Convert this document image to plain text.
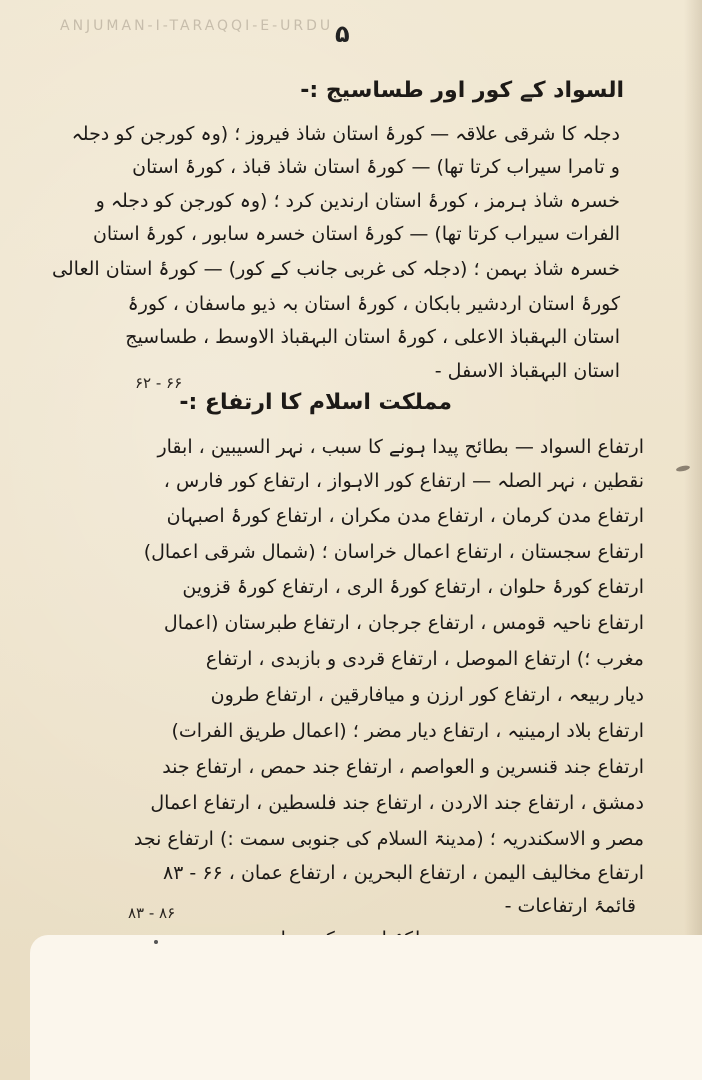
ANJUMAN-I-TARAQQI-E-URDU ۵
السواد کے کور اور طساسیج :-
دجلہ کا شرقی علاقہ — کورۂ استان شاذ فیروز ؛ (وہ کورجن کو دجلہ
و تامرا سیراب کرتا تھا) — کورۂ استان شاذ قباذ ، کورۂ استان
خسرہ شاذ ہرمز ، کورۂ استان ارندین کرد ؛ (وہ کورجن کو دجلہ و
الفرات سیراب کرتا تھا) — کورۂ استان خسرہ سابور ، کورۂ استان
خسرہ شاذ بہمن ؛ (دجلہ کی غربی جانب کے کور) — کورۂ استان العالی
کورۂ استان اردشیر بابکان ، کورۂ استان بہ ذیو ماسفان ، کورۂ
استان البہقباذ الاعلی ، کورۂ استان البہقباذ الاوسط ، طساسیج
استان البہقباذ الاسفل -
۶۲ - ۶۶
مملکت اسلام کا ارتفاع :-
ارتفاع السواد — بطائح پیدا ہونے کا سبب ، نہر السیبین ، ابقار
نقطین ، نہر الصلہ — ارتفاع کور الاہواز ، ارتفاع کور فارس ،
ارتفاع مدن کرمان ، ارتفاع مدن مکران ، ارتفاع کورۂ اصبہان
ارتفاع سجستان ، ارتفاع اعمال خراسان ؛ (شمال شرقی اعمال)
ارتفاع کورۂ حلوان ، ارتفاع کورۂ الری ، ارتفاع کورۂ قزوین
ارتفاع ناحیہ قومس ، ارتفاع جرجان ، ارتفاع طبرستان (اعمال
مغرب ؛) ارتفاع الموصل ، ارتفاع قردی و بازبدی ، ارتفاع
دیار ربیعہ ، ارتفاع کور ارزن و میافارقین ، ارتفاع طرون
ارتفاع بلاد ارمینیہ ، ارتفاع دیار مضر ؛ (اعمال طریق الفرات)
ارتفاع جند قنسرین و العواصم ، ارتفاع جند حمص ، ارتفاع جند
دمشق ، ارتفاع جند الاردن ، ارتفاع جند فلسطین ، ارتفاع اعمال
مصر و الاسکندریہ ؛ (مدینۃ السلام کی جنوبی سمت :) ارتفاع نجد
ارتفاع مخالیف الیمن ، ارتفاع البحرین ، ارتفاع عمان ، ۶۶ - ۸۳
قائمۂ ارتفاعات -
۸۳ - ۸۶
